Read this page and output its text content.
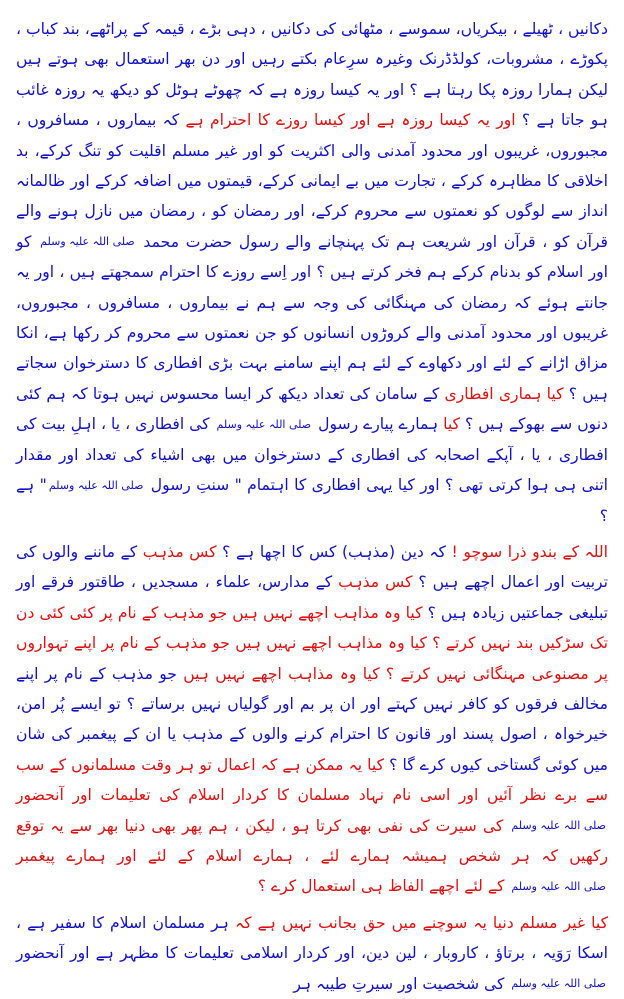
دکانیں ، ٹھیلے ، بیکریاں، سموسے ، مٹھائی کی دکانیں ، دہی بڑے ، قیمہ کے پراٹھے، بند کباب ، پکوڑے ، مشروبات، کولڈڈرنک وغیرہ سرِعام بکتے رہیں اور دن بھر استعمال بھی ہوتے ہیں لیکن ہمارا روزہ پکا رہتا ہے ؟ اور یہ کیسا روزہ ہے کہ چھوٹے ہوٹل کو دیکھ یہ روزہ غائب ہو جاتا ہے ؟ اور یہ کیسا روزہ ہے اور کیسا روزے کا احترام ہے کہ بیماروں ، مسافروں ، مجبوروں، غریبوں اور محدود آمدنی والی اکثریت کو اور غیر مسلم اقلیت کو تنگ کرکے، بد اخلاقی کا مظاہرہ کرکے ، تجارت میں بے ایمانی کرکے، قیمتوں میں اضافہ کرکے اور ظالمانہ انداز سے لوگوں کو نعمتوں سے محروم کرکے، اور رمضان کو ، رمضان میں نازل ہونے والے قرآن کو ، قرآن اور شریعت ہم تک پہنچانے والے رسول حضرت محمد صلی اللہ علیہ وسلم کو اور اسلام کو بدنام کرکے ہم فخر کرتے ہیں ؟ اور اِسے روزے کا احترام سمجھتے ہیں ، اور یہ جانتے ہوئے کہ رمضان کی مہنگائی کی وجہ سے ہم نے بیماروں ، مسافروں ، مجبوروں، غریبوں اور محدود آمدنی والے کروڑوں انسانوں کو جن نعمتوں سے محروم کر رکھا ہے، انکا مزاق اڑانے کے لئے اور دکھاوے کے لئے ہم اپنے سامنے بہت بڑی افطاری کا دسترخوان سجاتے ہیں ؟ کیا ہماری افطاری کے سامان کی تعداد دیکھ کر ایسا محسوس نہیں ہوتا کہ ہم کئی دنوں سے بھوکے ہیں ؟ کیا ہمارے پیارے رسول صلی اللہ علیہ وسلم کی افطاری ، یا ، اہلِ بیت کی افطاری ، یا ، آپکے اصحابہ کی افطاری کے دسترخوان میں بھی اشیاء کی تعداد اور مقدار اتنی ہی ہوا کرتی تھی ؟ اور کیا یہی افطاری کا اہتمام " سنتِ رسول صلی اللہ علیہ وسلم" ہے ؟

اللہ کے بندو ذرا سوچو ! کہ دین (مذہب) کس کا اچھا ہے ؟ کس مذہب کے ماننے والوں کی تربیت اور اعمال اچھے ہیں ؟ کس مذہب کے مدارس، علماء ، مسجدیں ، طاقتور فرقے اور تبلیغی جماعتیں زیادہ ہیں ؟ کیا وہ مذاہب اچھے نہیں ہیں جو مذہب کے نام پر کئی کئی دن تک سڑکیں بند نہیں کرتے ؟ کیا وہ مذاہب اچھے نہیں ہیں جو مذہب کے نام پر اپنے تہواروں پر مصنوعی مہنگائی نہیں کرتے ؟ کیا وہ مذاہب اچھے نہیں ہیں جو مذہب کے نام پر اپنے مخالف فرقوں کو کافر نہیں کہتے اور ان پر بم اور گولیاں نہیں برساتے ؟ تو ایسے پُر امن، خیرخواہ ، اصول پسند اور قانون کا احترام کرنے والوں کے مذہب یا ان کے پیغمبر کی شان میں کوئی گستاخی کیوں کرے گا ؟ کیا یہ ممکن ہے کہ اعمال تو ہر وقت مسلمانوں کے سب سے برے نظر آئیں اور اسی نام نہاد مسلمان کا کردار اسلام کی تعلیمات اور آنحضور صلی اللہ علیہ وسلم کی سیرت کی نفی بھی کرتا ہو ، لیکن ، ہم پھر بھی دنیا بھر سے یہ توقع رکھیں کہ ہر شخص ہمیشہ ہمارے لئے ، ہمارے اسلام کے لئے اور ہمارے پیغمبر صلی اللہ علیہ وسلم کے لئے اچھے الفاظ ہی استعمال کرے ؟

کیا غیر مسلم دنیا یہ سوچنے میں حق بجانب نہیں ہے کہ ہر مسلمان اسلام کا سفیر ہے ، اسکا رَوَیہ ، برتاؤ ، کاروبار ، لین دین، اور کردار اسلامی تعلیمات کا مظہر ہے اور آنحضور صلی اللہ علیہ وسلم کی شخصیت اور سیرتِ طیبہ ہر
